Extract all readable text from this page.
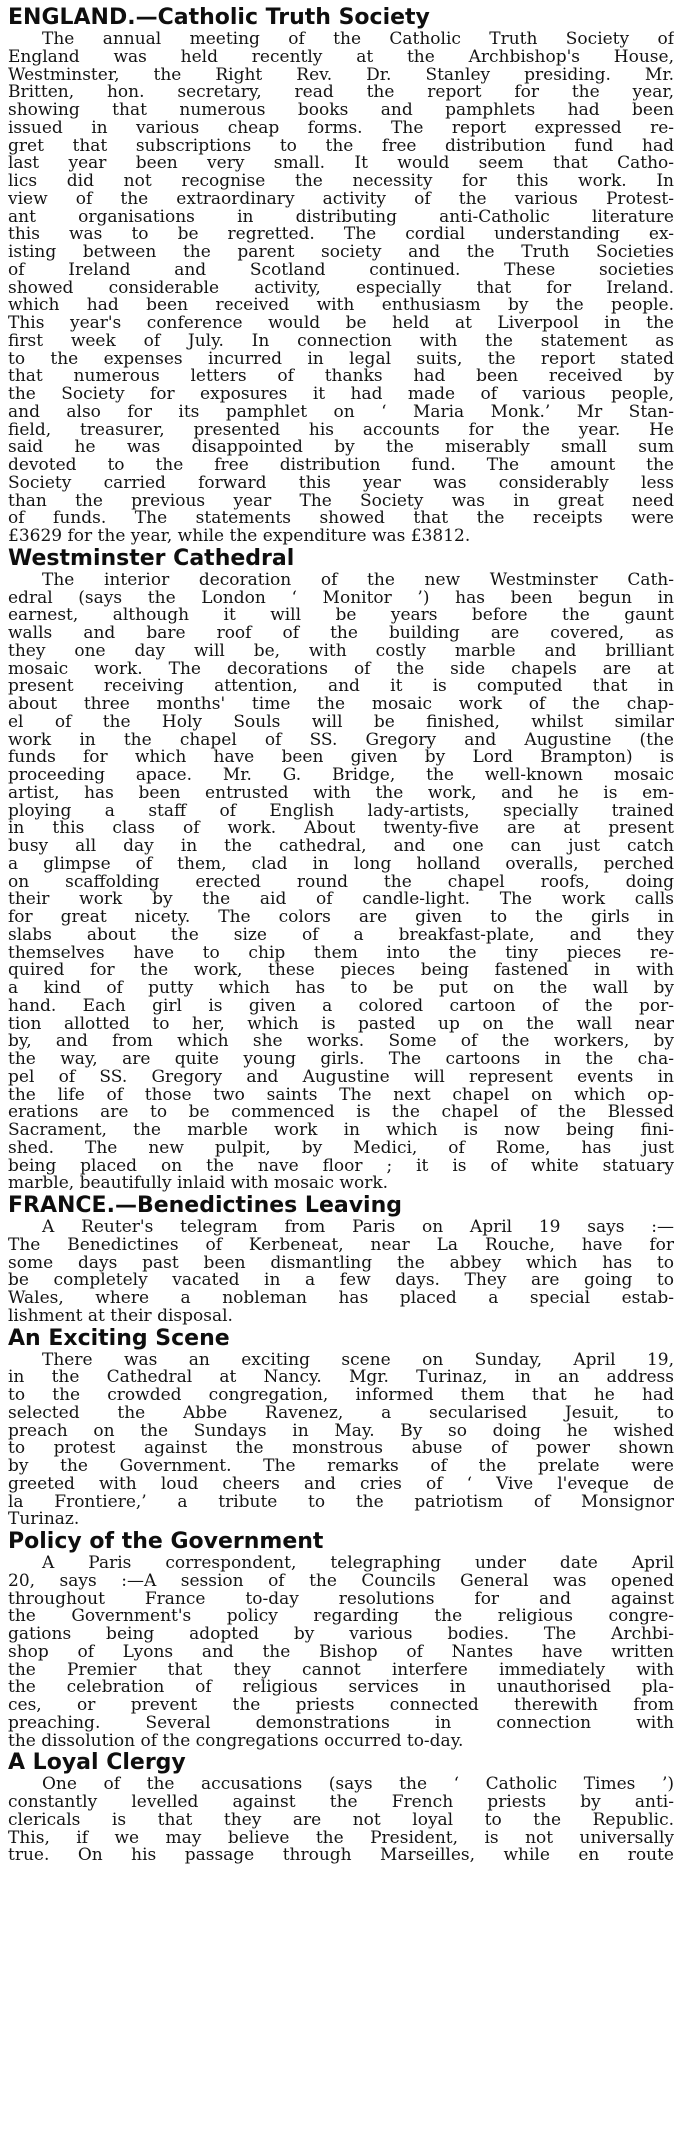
ENGLAND.—Catholic Truth Society
The annual meeting of the Catholic Truth Society of
England was held recently at the Archbishop's House,
Westminster, the Right Rev. Dr. Stanley presiding. Mr.
Britten, hon. secretary, read the report for the year,
showing that numerous books and pamphlets had been
issued in various cheap forms. The report expressed re-
gret that subscriptions to the free distribution fund had
last year been very small. It would seem that Catho-
lics did not recognise the necessity for this work. In
view of the extraordinary activity of the various Protest-
ant organisations in distributing anti-Catholic literature
this was to be regretted. The cordial understanding ex-
isting between the parent society and the Truth Societies
of Ireland and Scotland continued. These societies
showed considerable activity, especially that for Ireland.
which had been received with enthusiasm by the people.
This year's conference would be held at Liverpool in the
first week of July. In connection with the statement as
to the expenses incurred in legal suits, the report stated
that numerous letters of thanks had been received by
the Society for exposures it had made of various people,
and also for its pamphlet on ‘ Maria Monk.’ Mr Stan-
field, treasurer, presented his accounts for the year. He
said he was disappointed by the miserably small sum
devoted to the free distribution fund. The amount the
Society carried forward this year was considerably less
than the previous year The Society was in great need
of funds. The statements showed that the receipts were
£3629 for the year, while the expenditure was £3812.
Westminster Cathedral
The interior decoration of the new Westminster Cath-
edral (says the London ‘ Monitor ’) has been begun in
earnest, although it will be years before the gaunt
walls and bare roof of the building are covered, as
they one day will be, with costly marble and brilliant
mosaic work. The decorations of the side chapels are at
present receiving attention, and it is computed that in
about three months' time the mosaic work of the chap-
el of the Holy Souls will be finished, whilst similar
work in the chapel of SS. Gregory and Augustine (the
funds for which have been given by Lord Brampton) is
proceeding apace. Mr. G. Bridge, the well-known mosaic
artist, has been entrusted with the work, and he is em-
ploying a staff of English lady-artists, specially trained
in this class of work. About twenty-five are at present
busy all day in the cathedral, and one can just catch
a glimpse of them, clad in long holland overalls, perched
on scaffolding erected round the chapel roofs, doing
their work by the aid of candle-light. The work calls
for great nicety. The colors are given to the girls in
slabs about the size of a breakfast-plate, and they
themselves have to chip them into the tiny pieces re-
quired for the work, these pieces being fastened in with
a kind of putty which has to be put on the wall by
hand. Each girl is given a colored cartoon of the por-
tion allotted to her, which is pasted up on the wall near
by, and from which she works. Some of the workers, by
the way, are quite young girls. The cartoons in the cha-
pel of SS. Gregory and Augustine will represent events in
the life of those two saints The next chapel on which op-
erations are to be commenced is the chapel of the Blessed
Sacrament, the marble work in which is now being fini-
shed. The new pulpit, by Medici, of Rome, has just
being placed on the nave floor ; it is of white statuary
marble, beautifully inlaid with mosaic work.
FRANCE.—Benedictines Leaving
A Reuter's telegram from Paris on April 19 says :—
The Benedictines of Kerbeneat, near La Rouche, have for
some days past been dismantling the abbey which has to
be completely vacated in a few days. They are going to
Wales, where a nobleman has placed a special estab-
lishment at their disposal.
An Exciting Scene
There was an exciting scene on Sunday, April 19,
in the Cathedral at Nancy. Mgr. Turinaz, in an address
to the crowded congregation, informed them that he had
selected the Abbe Ravenez, a secularised Jesuit, to
preach on the Sundays in May. By so doing he wished
to protest against the monstrous abuse of power shown
by the Government. The remarks of the prelate were
greeted with loud cheers and cries of ‘ Vive l'eveque de
la Frontiere,’ a tribute to the patriotism of Monsignor
Turinaz.
Policy of the Government
A Paris correspondent, telegraphing under date April
20, says :—A session of the Councils General was opened
throughout France to-day resolutions for and against
the Government's policy regarding the religious congre-
gations being adopted by various bodies. The Archbi-
shop of Lyons and the Bishop of Nantes have written
the Premier that they cannot interfere immediately with
the celebration of religious services in unauthorised pla-
ces, or prevent the priests connected therewith from
preaching. Several demonstrations in connection with
the dissolution of the congregations occurred to-day.
A Loyal Clergy
One of the accusations (says the ‘ Catholic Times ’)
constantly levelled against the French priests by anti-
clericals is that they are not loyal to the Republic.
This, if we may believe the President, is not universally
true. On his passage through Marseilles, while en route
